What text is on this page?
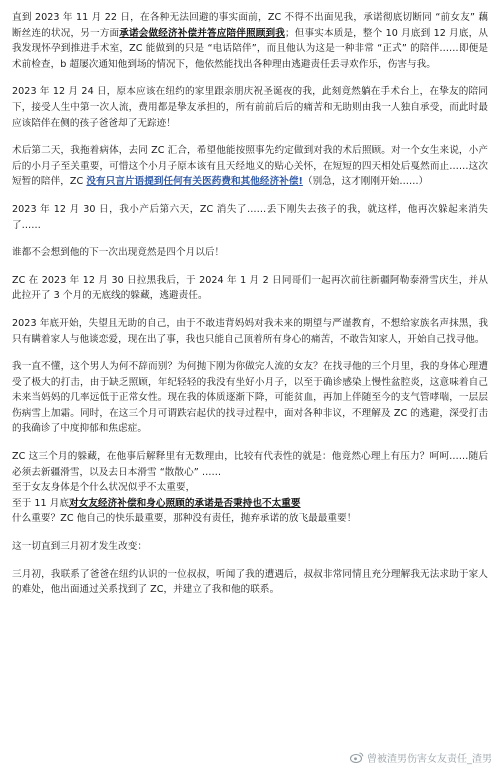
直到 2023 年 11 月 22 日，在各种无法回避的事实面前，ZC 不得不出面见我，承诺彻底切断同 “前女友” 藕断丝连的状况，另一方面承诺会做经济补偿并答应陪伴照顾到我；但事实本质是，整个 10 月底到 12 月底，从我发现怀孕到推进手术室，ZC 能做到的只是 “电话陪伴”，而且他认为这是一种非常 “正式” 的陪伴……即便是术前检查，b 超屡次通知他到场的情况下，他依然能找出各种理由逃避责任丢寻欢作乐，伤害与我。

2023 年 12 月 24 日，原本应该在纽约的家里跟亲朋庆祝圣诞夜的我，此刻竟然躺在手术台上，在挚友的陪同下，接受人生中第一次人流，费用都是挚友承担的，所有前前后后的痛苦和无助则由我一人独自承受，而此时最应该陪伴在侧的孩子爸爸却了无踪迹！

术后第二天，我拖着病体，去同 ZC 汇合，希望他能按照事先约定做到对我的术后照顾。对一个女生来说，小产后的小月子至关重要，可惜这个小月子原本该有且天经地义的贴心关怀，在短短的四天相处后戛然而止……这次短暂的陪伴，ZC 没有只言片语提到任何有关医药费和其他经济补偿!（别急，这才刚刚开始……）

2023 年 12 月 30 日，我小产后第六天，ZC 消失了……丢下刚失去孩子的我，就这样，他再次躲起来消失了……

谁都不会想到他的下一次出现竟然是四个月以后！

ZC 在 2023 年 12 月 30 日拉黑我后，于 2024 年 1 月 2 日同哥们一起再次前往新疆阿勒泰滑雪庆生，并从此拉开了 3 个月的无底线的躲藏，逃避责任。

2023 年底开始，失望且无助的自己，由于不敢违背妈妈对我未来的期望与严谨教育，不想给家族名声抹黑，我只有瞒着家人与他谈恋爱，现在出了事，我也只能自己顶着所有身心的痛苦，不敢告知家人，开始自己找寻他。

我一直不懂，这个男人为何不辞而别？为何抛下刚为你做完人流的女友？在找寻他的三个月里，我的身体心理遭受了极大的打击，由于缺乏照顾，年纪轻轻的我没有坐好小月子，以至于确诊感染上慢性盆腔炎，这意味着自己未来当妈妈的几率远低于正常女性。现在我的体质逐渐下降，可能贫血，再加上伴随至今的支气管哮喘，一层层伤病雪上加霜。同时，在这三个月可谓跌宕起伏的找寻过程中，面对各种非议，不理解及 ZC 的逃避，深受打击的我确诊了中度抑郁和焦虑症。

ZC 这三个月的躲藏，在他事后解释里有无数理由，比较有代表性的就是：他竟然心理上有压力？呵呵……随后必须去新疆滑雪，以及去日本滑雪 “散散心” ……
至于女友身体是个什么状况似乎不太重要，
至于 11 月底对女友经济补偿和身心照顾的承诺是否秉持也不太重要
什么重要？ZC 他自己的快乐最重要，那种没有责任，抛弃承诺的放飞最最重要！

这一切直到三月初才发生改变：

三月初，我联系了爸爸在纽约认识的一位叔叔，听闻了我的遭遇后，叔叔非常同情且充分理解我无法求助于家人的难处，他出面通过关系找到了 ZC，并建立了我和他的联系。

曾被渣男伤害女友责任_渣男
